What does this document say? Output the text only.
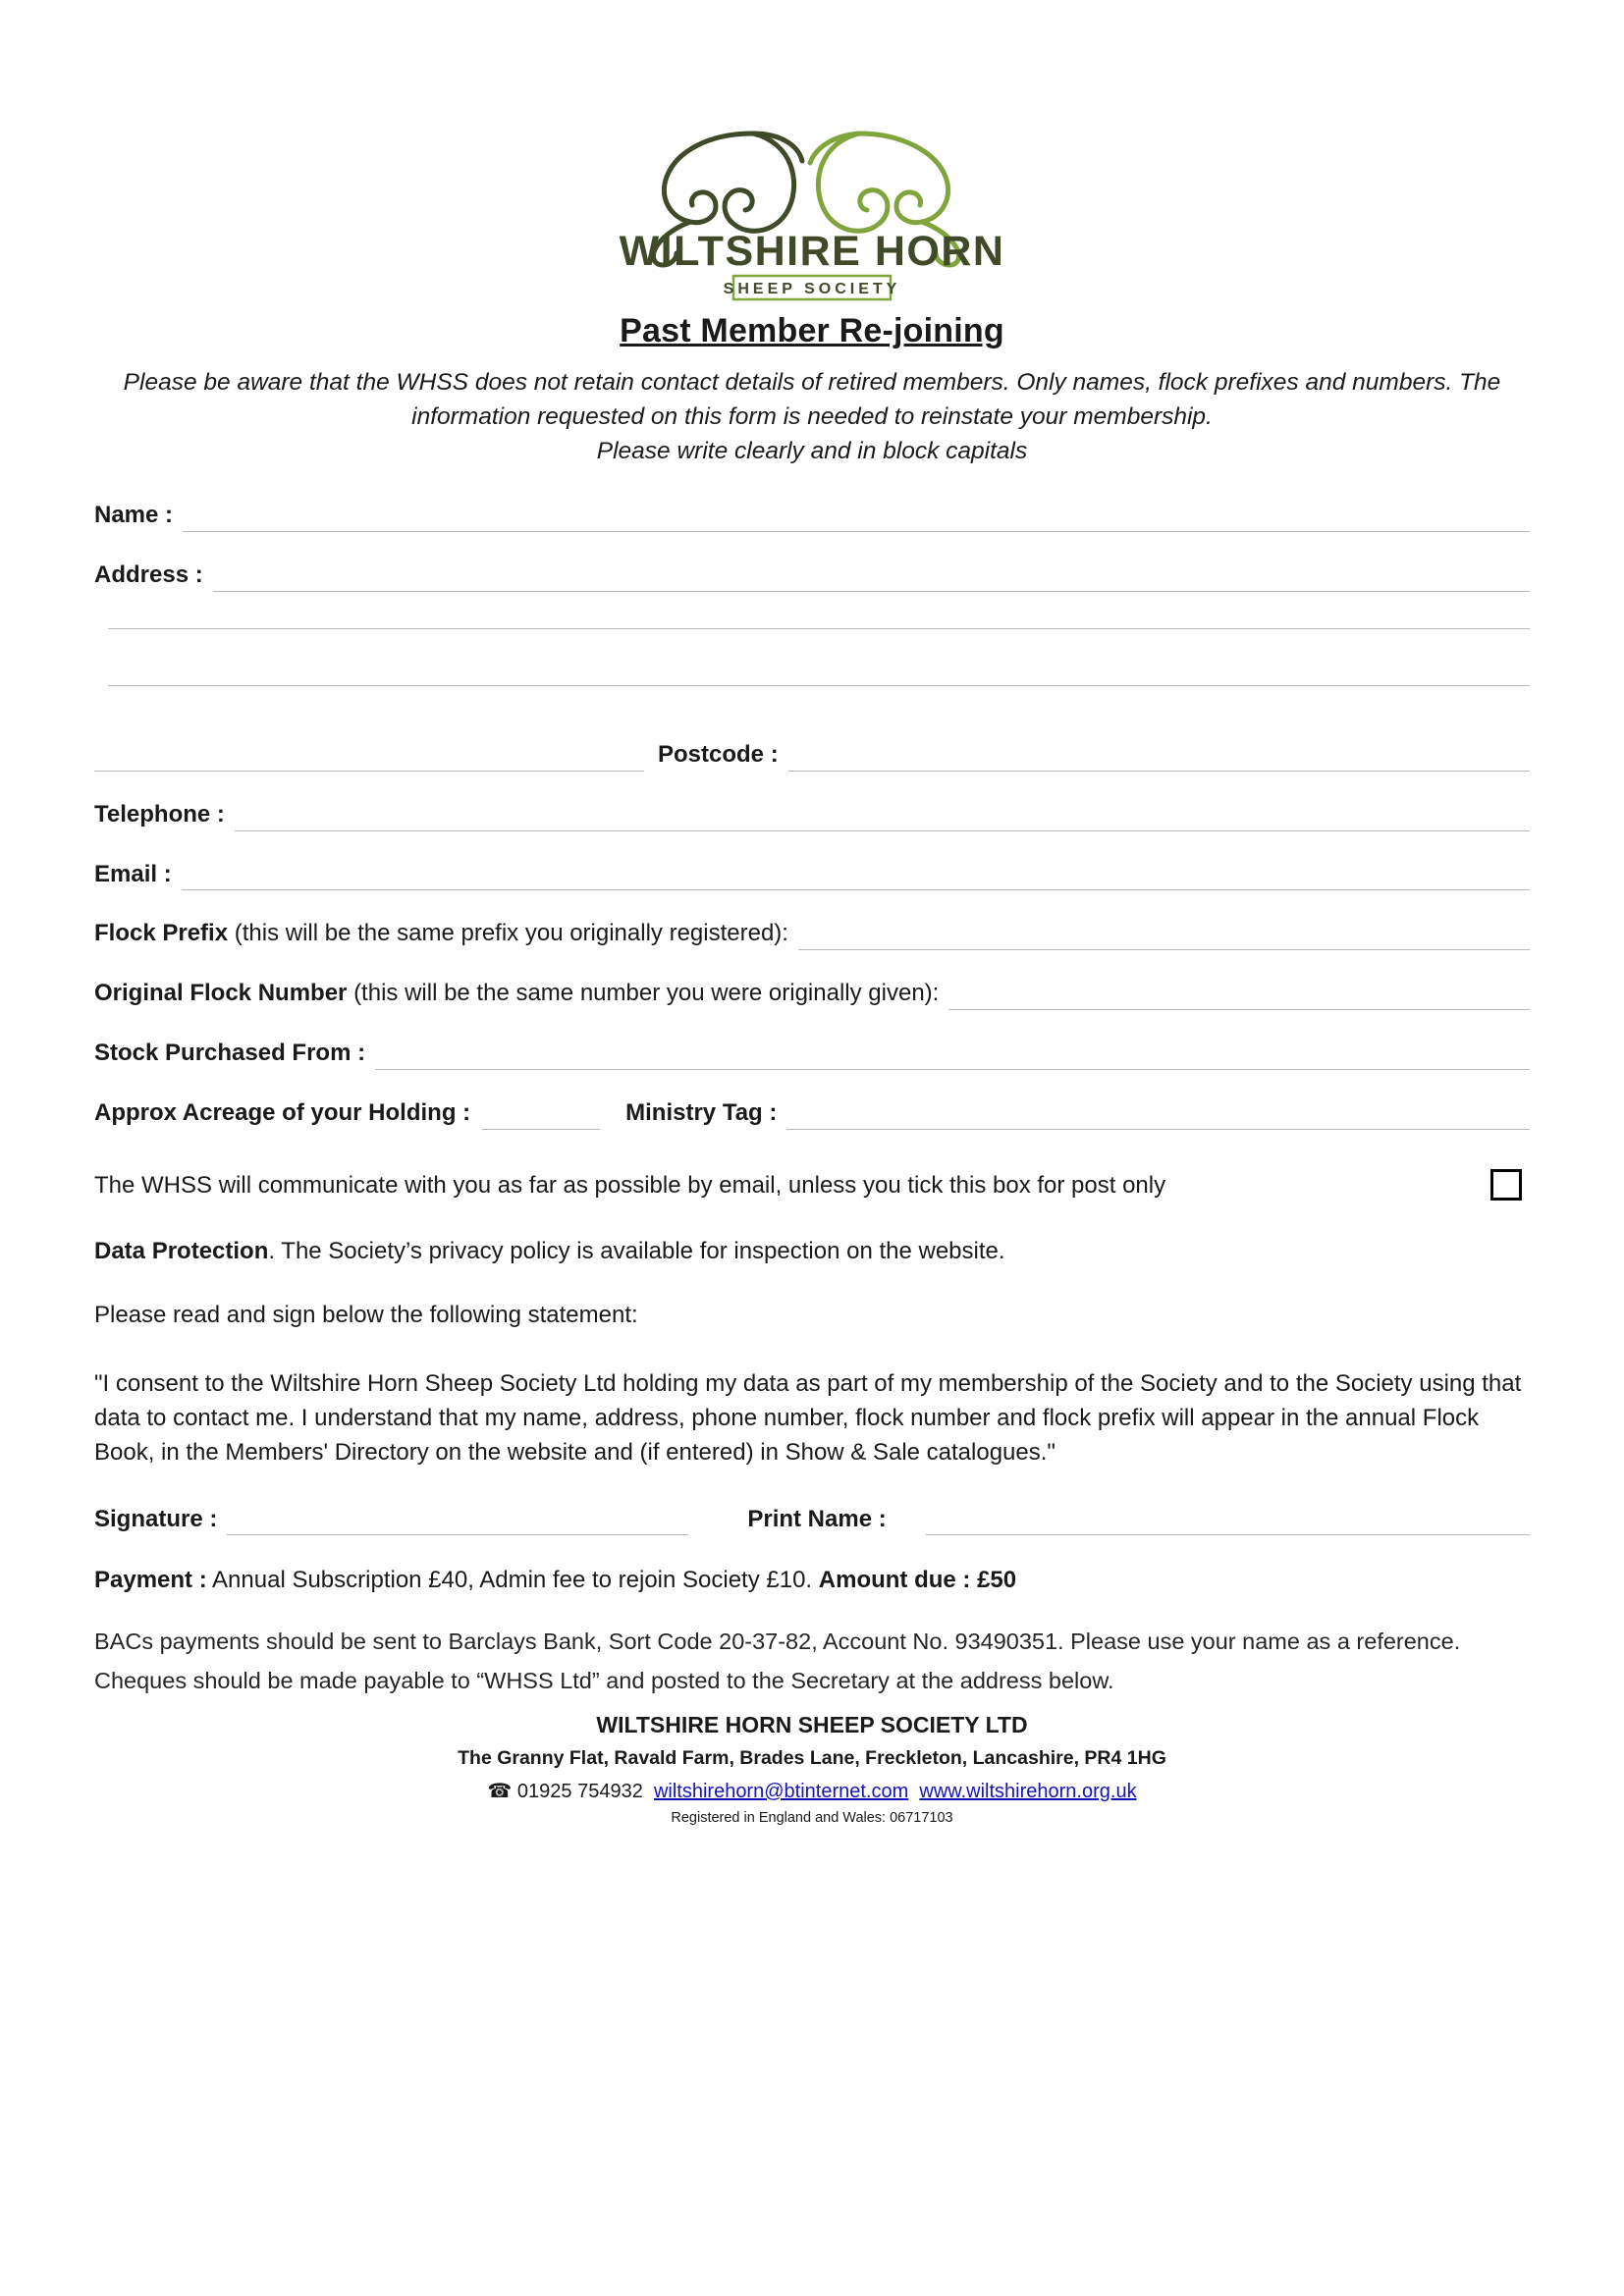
WILTSHIRE HORN
SHEEP SOCIETY
Past Member Re-joining
Please be aware that the WHSS does not retain contact details of retired members. Only names, flock prefixes and numbers. The information requested on this form is needed to reinstate your membership.
Please write clearly and in block capitals
Name :
Address :
Postcode :
Telephone :
Email :
Flock Prefix (this will be the same prefix you originally registered):
Original Flock Number (this will be the same number you were originally given):
Stock Purchased From :
Approx Acreage of your Holding :	Ministry Tag :
The WHSS will communicate with you as far as possible by email, unless you tick this box for post only
Data Protection. The Society’s privacy policy is available for inspection on the website.
Please read and sign below the following statement:
"I consent to the Wiltshire Horn Sheep Society Ltd holding my data as part of my membership of the Society and to the Society using that data to contact me. I understand that my name, address, phone number, flock number and flock prefix will appear in the annual Flock Book, in the Members' Directory on the website and (if entered) in Show & Sale catalogues."
Signature :	Print Name :
Payment : Annual Subscription £40, Admin fee to rejoin Society £10. Amount due : £50
BACs payments should be sent to Barclays Bank, Sort Code 20-37-82, Account No. 93490351. Please use your name as a reference.
Cheques should be made payable to “WHSS Ltd” and posted to the Secretary at the address below.
WILTSHIRE HORN SHEEP SOCIETY LTD
The Granny Flat, Ravald Farm, Brades Lane, Freckleton, Lancashire, PR4 1HG
☎ 01925 754932 wiltshirehorn@btinternet.com www.wiltshirehorn.org.uk
Registered in England and Wales: 06717103
